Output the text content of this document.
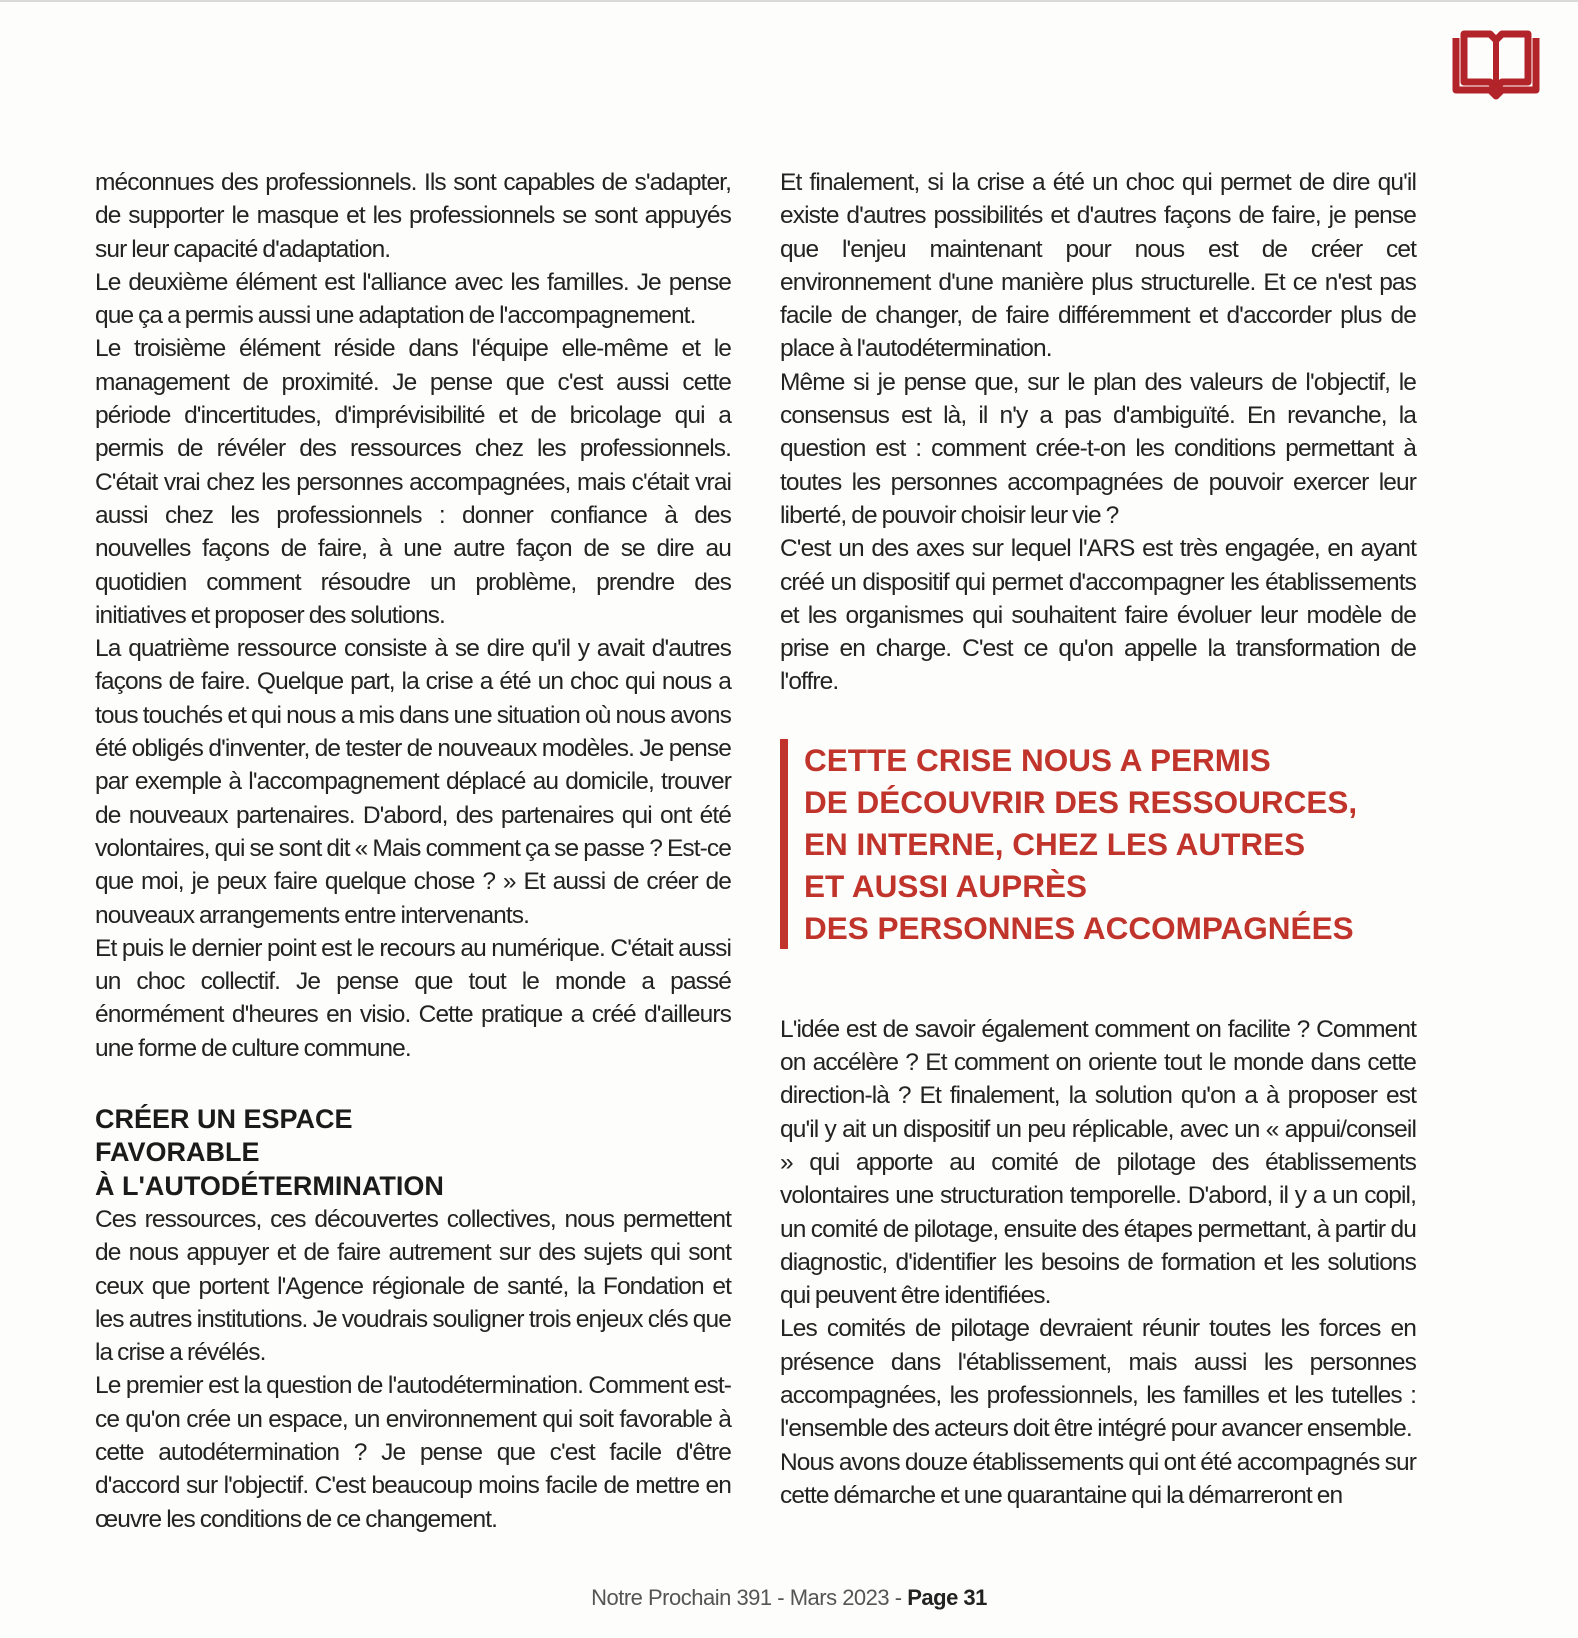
méconnues des professionnels. Ils sont capables de s'adapter, de supporter le masque et les professionnels se sont appuyés sur leur capacité d'adaptation.

Le deuxième élément est l'alliance avec les familles. Je pense que ça a permis aussi une adaptation de l'accompagnement.

Le troisième élément réside dans l'équipe elle-même et le management de proximité. Je pense que c'est aussi cette période d'incertitudes, d'imprévisibilité et de bricolage qui a permis de révéler des ressources chez les professionnels. C'était vrai chez les personnes accompagnées, mais c'était vrai aussi chez les professionnels : donner confiance à des nouvelles façons de faire, à une autre façon de se dire au quotidien comment résoudre un problème, prendre des initiatives et proposer des solutions.

La quatrième ressource consiste à se dire qu'il y avait d'autres façons de faire. Quelque part, la crise a été un choc qui nous a tous touchés et qui nous a mis dans une situation où nous avons été obligés d'inventer, de tester de nouveaux modèles. Je pense par exemple à l'accompagnement déplacé au domicile, trouver de nouveaux partenaires. D'abord, des partenaires qui ont été volontaires, qui se sont dit « Mais comment ça se passe ? Est-ce que moi, je peux faire quelque chose ? » Et aussi de créer de nouveaux arrangements entre intervenants.

Et puis le dernier point est le recours au numérique. C'était aussi un choc collectif. Je pense que tout le monde a passé énormément d'heures en visio. Cette pratique a créé d'ailleurs une forme de culture commune.

CRÉER UN ESPACE
FAVORABLE
À L'AUTODÉTERMINATION

Ces ressources, ces découvertes collectives, nous permettent de nous appuyer et de faire autrement sur des sujets qui sont ceux que portent l'Agence régionale de santé, la Fondation et les autres institutions. Je voudrais souligner trois enjeux clés que la crise a révélés.

Le premier est la question de l'autodétermination. Comment est-ce qu'on crée un espace, un environnement qui soit favorable à cette autodétermination ? Je pense que c'est facile d'être d'accord sur l'objectif. C'est beaucoup moins facile de mettre en œuvre les conditions de ce changement.

Et finalement, si la crise a été un choc qui permet de dire qu'il existe d'autres possibilités et d'autres façons de faire, je pense que l'enjeu maintenant pour nous est de créer cet environnement d'une manière plus structurelle. Et ce n'est pas facile de changer, de faire différemment et d'accorder plus de place à l'autodétermination.

Même si je pense que, sur le plan des valeurs de l'objectif, le consensus est là, il n'y a pas d'ambiguïté. En revanche, la question est : comment crée-t-on les conditions permettant à toutes les personnes accompagnées de pouvoir exercer leur liberté, de pouvoir choisir leur vie ?

C'est un des axes sur lequel l'ARS est très engagée, en ayant créé un dispositif qui permet d'accompagner les établissements et les organismes qui souhaitent faire évoluer leur modèle de prise en charge. C'est ce qu'on appelle la transformation de l'offre.

CETTE CRISE NOUS A PERMIS
DE DÉCOUVRIR DES RESSOURCES,
EN INTERNE, CHEZ LES AUTRES
ET AUSSI AUPRÈS
DES PERSONNES ACCOMPAGNÉES

L'idée est de savoir également comment on facilite ? Comment on accélère ? Et comment on oriente tout le monde dans cette direction-là ? Et finalement, la solution qu'on a à proposer est qu'il y ait un dispositif un peu réplicable, avec un « appui/conseil » qui apporte au comité de pilotage des établissements volontaires une structuration temporelle. D'abord, il y a un copil, un comité de pilotage, ensuite des étapes permettant, à partir du diagnostic, d'identifier les besoins de formation et les solutions qui peuvent être identifiées.

Les comités de pilotage devraient réunir toutes les forces en présence dans l'établissement, mais aussi les personnes accompagnées, les professionnels, les familles et les tutelles : l'ensemble des acteurs doit être intégré pour avancer ensemble.

Nous avons douze établissements qui ont été accompagnés sur cette démarche et une quarantaine qui la démarreront en

Notre Prochain 391 - Mars 2023 - Page 31
